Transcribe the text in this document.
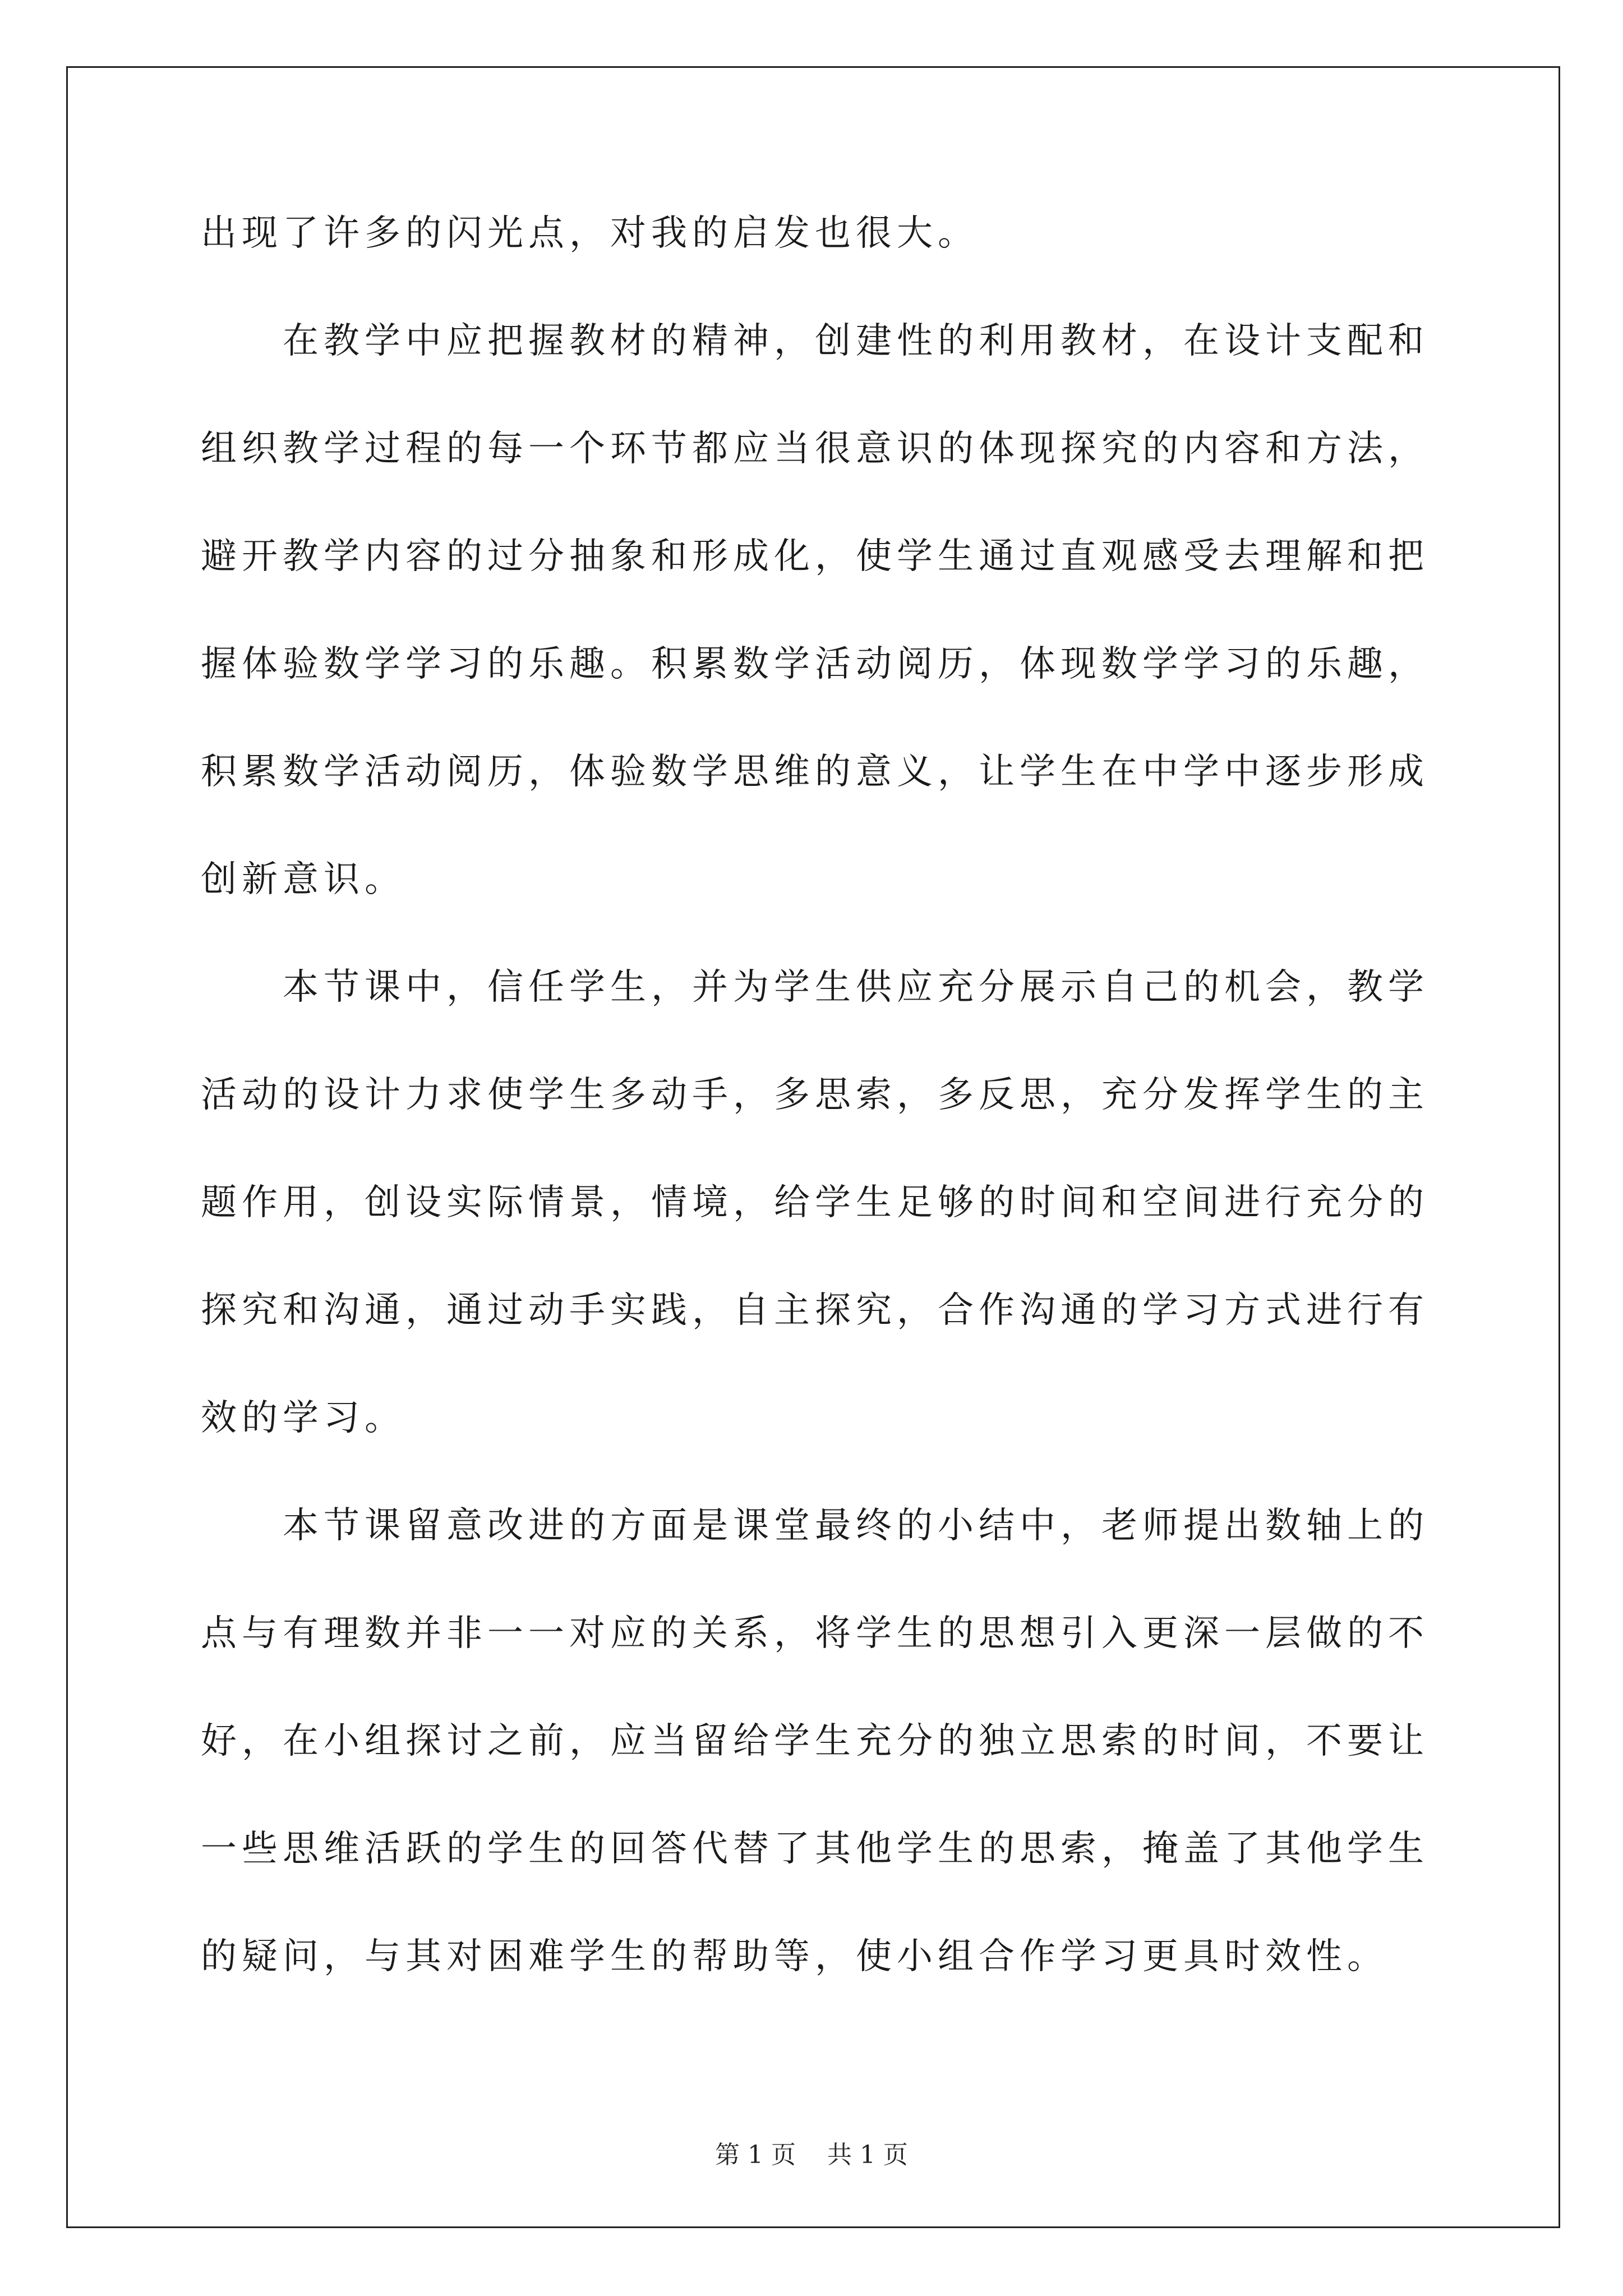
出现了许多的闪光点，对我的启发也很大。
在教学中应把握教材的精神，创建性的利用教材，在设计支配和
组织教学过程的每一个环节都应当很意识的体现探究的内容和方法，
避开教学内容的过分抽象和形成化，使学生通过直观感受去理解和把
握体验数学学习的乐趣。积累数学活动阅历，体现数学学习的乐趣，
积累数学活动阅历，体验数学思维的意义，让学生在中学中逐步形成
创新意识。
本节课中，信任学生，并为学生供应充分展示自己的机会，教学
活动的设计力求使学生多动手，多思索，多反思，充分发挥学生的主
题作用，创设实际情景，情境，给学生足够的时间和空间进行充分的
探究和沟通，通过动手实践，自主探究，合作沟通的学习方式进行有
效的学习。
本节课留意改进的方面是课堂最终的小结中，老师提出数轴上的
点与有理数并非一一对应的关系，将学生的思想引入更深一层做的不
好，在小组探讨之前，应当留给学生充分的独立思索的时间，不要让
一些思维活跃的学生的回答代替了其他学生的思索，掩盖了其他学生
的疑问，与其对困难学生的帮助等，使小组合作学习更具时效性。
第 1 页    共 1 页
